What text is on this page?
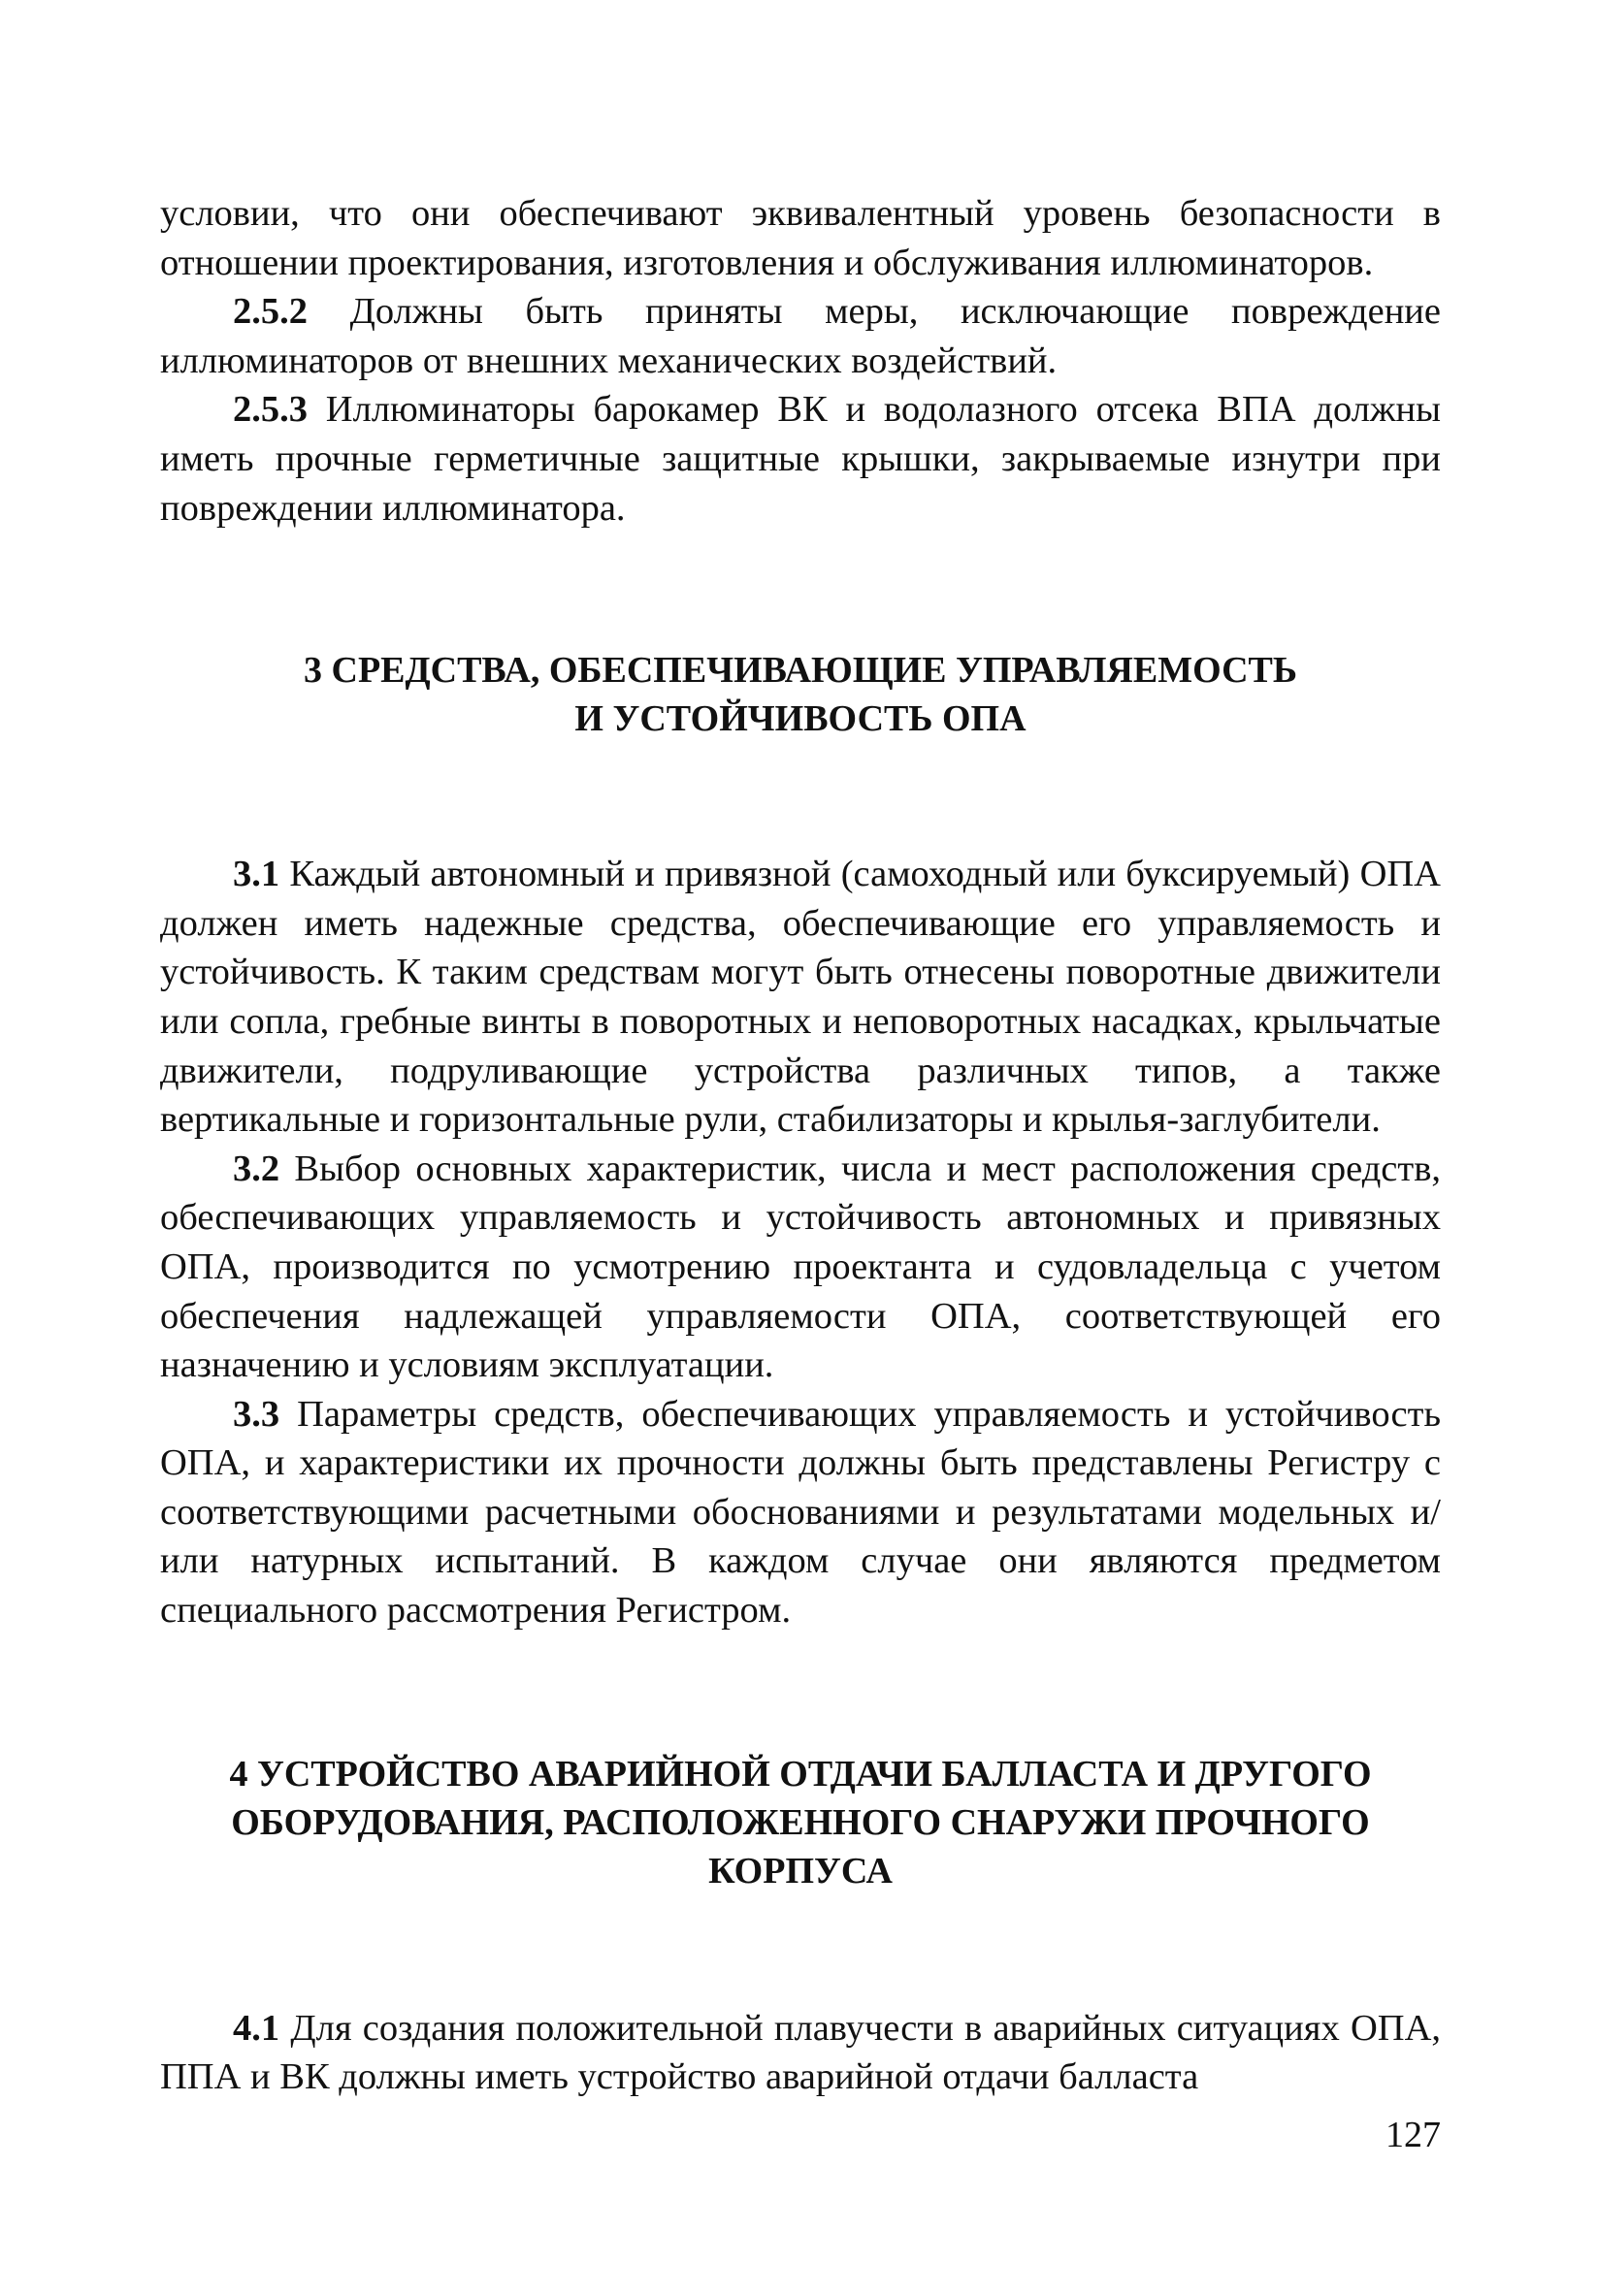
условии, что они обеспечивают эквивалентный уровень безопасности в отношении проектирования, изготовления и обслуживания иллюминаторов.

2.5.2 Должны быть приняты меры, исключающие повреждение иллюминаторов от внешних механических воздействий.

2.5.3 Иллюминаторы барокамер ВК и водолазного отсека ВПА должны иметь прочные герметичные защитные крышки, закрываемые изнутри при повреждении иллюминатора.

3 СРЕДСТВА, ОБЕСПЕЧИВАЮЩИЕ УПРАВЛЯЕМОСТЬ
И УСТОЙЧИВОСТЬ ОПА

3.1 Каждый автономный и привязной (самоходный или буксируемый) ОПА должен иметь надежные средства, обеспечивающие его управляемость и устойчивость. К таким средствам могут быть отнесены поворотные движители или сопла, гребные винты в поворотных и неповоротных насадках, крыльчатые движители, подруливающие устройства различных типов, а также вертикальные и горизонтальные рули, стабилизаторы и крылья-заглубители.

3.2 Выбор основных характеристик, числа и мест расположения средств, обеспечивающих управляемость и устойчивость автономных и привязных ОПА, производится по усмотрению проектанта и судовладельца с учетом обеспечения надлежащей управляемости ОПА, соответствующей его назначению и условиям эксплуатации.

3.3 Параметры средств, обеспечивающих управляемость и устойчивость ОПА, и характеристики их прочности должны быть представлены Регистру с соответствующими расчетными обоснованиями и результатами модельных и/или натурных испытаний. В каждом случае они являются предметом специального рассмотрения Регистром.

4 УСТРОЙСТВО АВАРИЙНОЙ ОТДАЧИ БАЛЛАСТА И ДРУГОГО
ОБОРУДОВАНИЯ, РАСПОЛОЖЕННОГО СНАРУЖИ ПРОЧНОГО
КОРПУСА

4.1 Для создания положительной плавучести в аварийных ситуациях ОПА, ППА и ВК должны иметь устройство аварийной отдачи балласта

127
